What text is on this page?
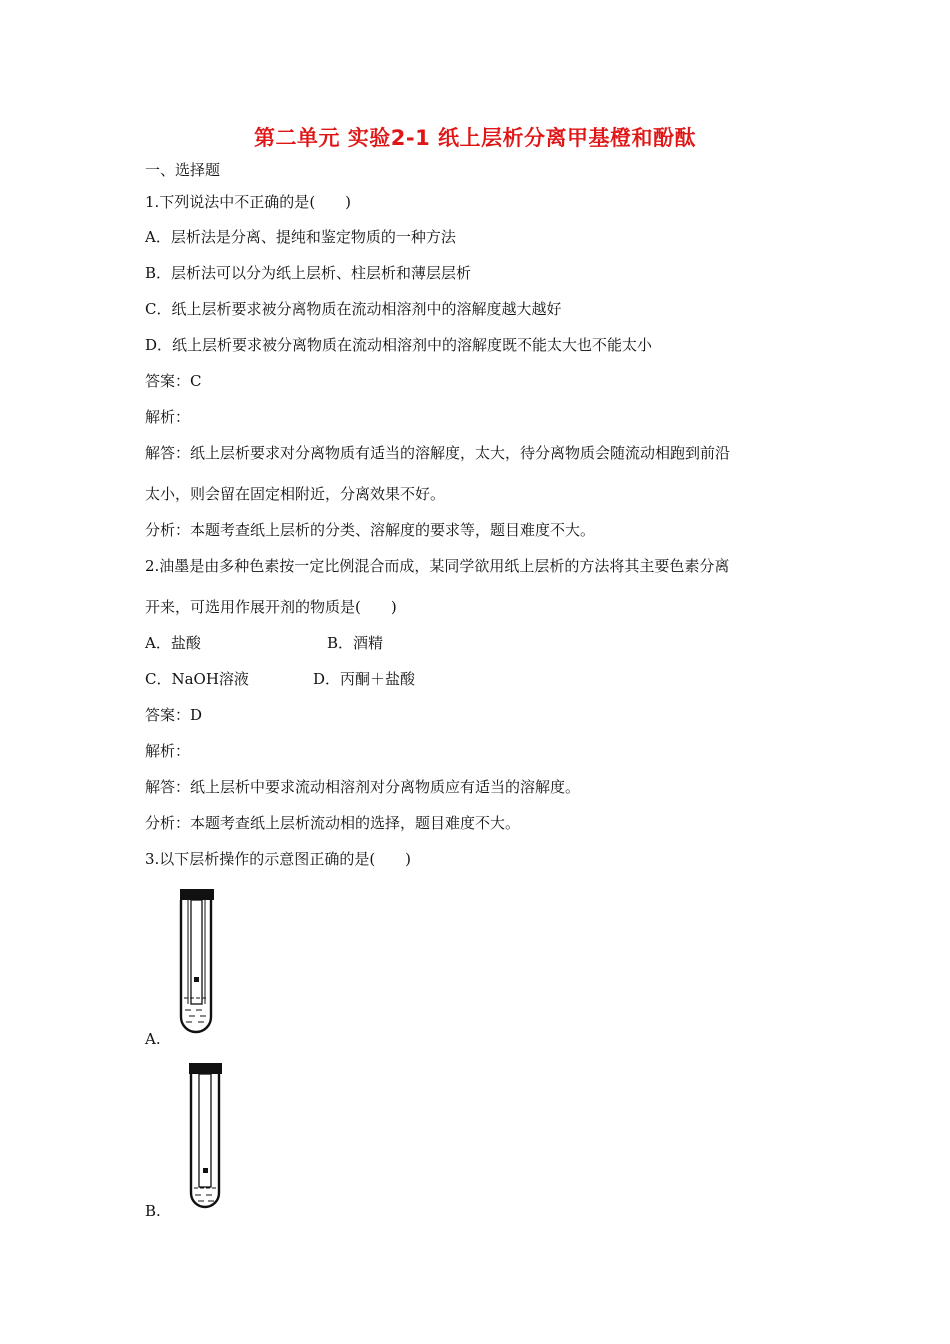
第二单元 实验2-1 纸上层析分离甲基橙和酚酞
一、选择题
1.下列说法中不正确的是(　　)
A．层析法是分离、提纯和鉴定物质的一种方法
B．层析法可以分为纸上层析、柱层析和薄层层析
C．纸上层析要求被分离物质在流动相溶剂中的溶解度越大越好
D．纸上层析要求被分离物质在流动相溶剂中的溶解度既不能太大也不能太小
答案：C
解析：
解答：纸上层析要求对分离物质有适当的溶解度，太大，待分离物质会随流动相跑到前沿
太小，则会留在固定相附近，分离效果不好。
分析：本题考查纸上层析的分类、溶解度的要求等，题目难度不大。
2.油墨是由多种色素按一定比例混合而成，某同学欲用纸上层析的方法将其主要色素分离
开来，可选用作展开剂的物质是(　　)
A．盐酸	B．酒精
C．NaOH溶液	D．丙酮＋盐酸
答案：D
解析：
解答：纸上层析中要求流动相溶剂对分离物质应有适当的溶解度。
分析：本题考查纸上层析流动相的选择，题目难度不大。
3.以下层析操作的示意图正确的是(　　)
A.
B.
